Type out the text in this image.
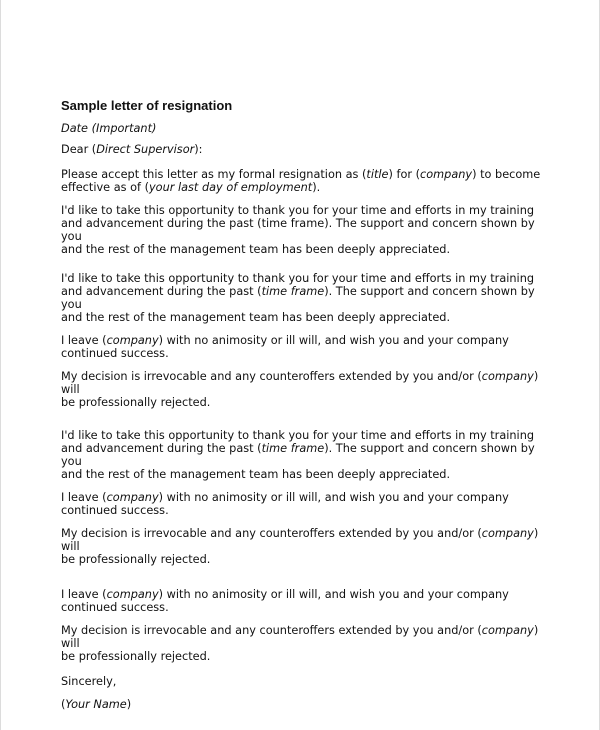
Sample letter of resignation

Date (Important)

Dear (Direct Supervisor):

Please accept this letter as my formal resignation as (title) for (company) to become
effective as of (your last day of employment).

I'd like to take this opportunity to thank you for your time and efforts in my training
and advancement during the past (time frame). The support and concern shown by you
and the rest of the management team has been deeply appreciated.

I'd like to take this opportunity to thank you for your time and efforts in my training
and advancement during the past (time frame). The support and concern shown by you
and the rest of the management team has been deeply appreciated.

I leave (company) with no animosity or ill will, and wish you and your company
continued success.

My decision is irrevocable and any counteroffers extended by you and/or (company) will
be professionally rejected.

I'd like to take this opportunity to thank you for your time and efforts in my training
and advancement during the past (time frame). The support and concern shown by you
and the rest of the management team has been deeply appreciated.

I leave (company) with no animosity or ill will, and wish you and your company
continued success.

My decision is irrevocable and any counteroffers extended by you and/or (company) will
be professionally rejected.

I leave (company) with no animosity or ill will, and wish you and your company
continued success.

My decision is irrevocable and any counteroffers extended by you and/or (company) will
be professionally rejected.

Sincerely,

(Your Name)
